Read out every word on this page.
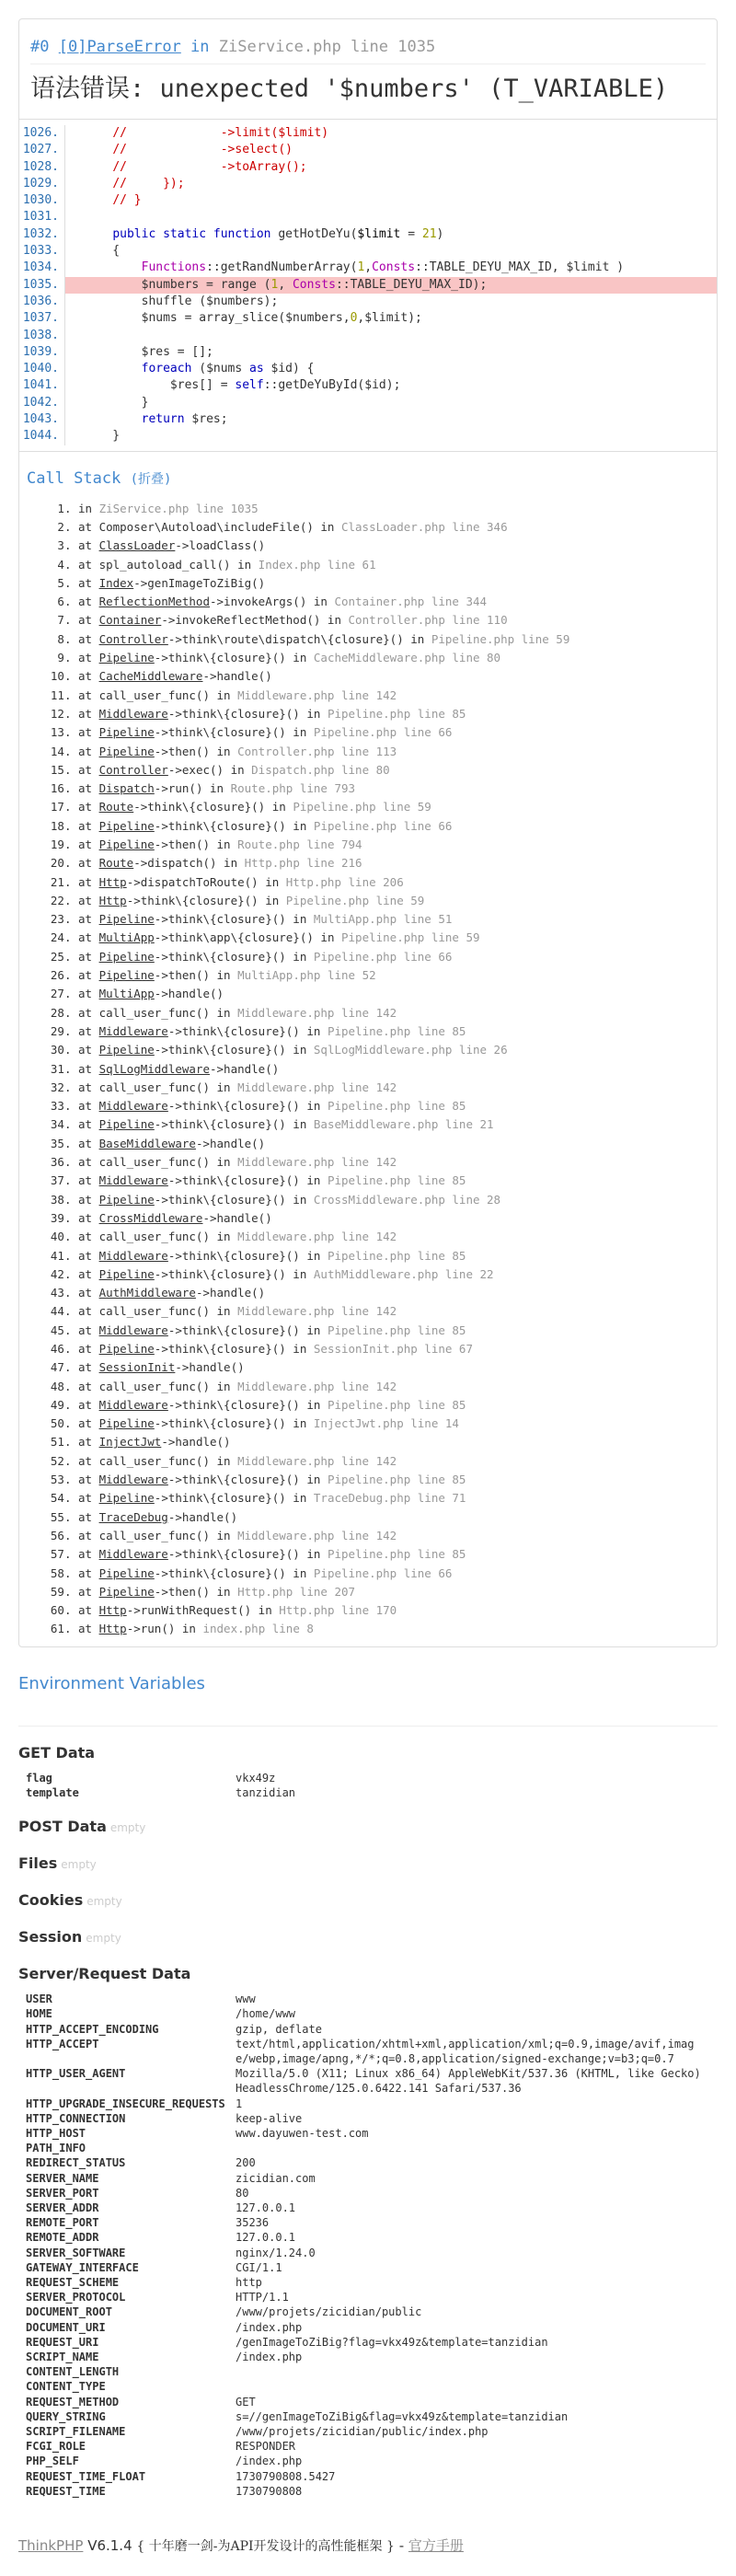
#0 [0]ParseError in ZiService.php line 1035
语法错误: unexpected '$numbers' (T_VARIABLE)
1026.	//             ->limit($limit)
1027.	//             ->select()
1028.	//             ->toArray();
1029.	//     });
1030.	// }
1031.

1032.	public static function getHotDeYu($limit = 21)
1033.	{
1034.	Functions::getRandNumberArray(1,Consts::TABLE_DEYU_MAX_ID, $limit )
1035.	$numbers = range (1, Consts::TABLE_DEYU_MAX_ID);
1036.	shuffle ($numbers);
1037.	$nums = array_slice($numbers,0,$limit);
1038.

1039.	$res = [];
1040.	foreach ($nums as $id) {
1041.	$res[] = self::getDeYuById($id);
1042.	}
1043.	return $res;
1044.	}
Call Stack (折叠)
1. in ZiService.php line 1035
2. at Composer\Autoload\includeFile() in ClassLoader.php line 346
3. at ClassLoader->loadClass()
4. at spl_autoload_call() in Index.php line 61
5. at Index->genImageToZiBig()
6. at ReflectionMethod->invokeArgs() in Container.php line 344
7. at Container->invokeReflectMethod() in Controller.php line 110
8. at Controller->think\route\dispatch\{closure}() in Pipeline.php line 59
9. at Pipeline->think\{closure}() in CacheMiddleware.php line 80
10. at CacheMiddleware->handle()
11. at call_user_func() in Middleware.php line 142
12. at Middleware->think\{closure}() in Pipeline.php line 85
13. at Pipeline->think\{closure}() in Pipeline.php line 66
14. at Pipeline->then() in Controller.php line 113
15. at Controller->exec() in Dispatch.php line 80
16. at Dispatch->run() in Route.php line 793
17. at Route->think\{closure}() in Pipeline.php line 59
18. at Pipeline->think\{closure}() in Pipeline.php line 66
19. at Pipeline->then() in Route.php line 794
20. at Route->dispatch() in Http.php line 216
21. at Http->dispatchToRoute() in Http.php line 206
22. at Http->think\{closure}() in Pipeline.php line 59
23. at Pipeline->think\{closure}() in MultiApp.php line 51
24. at MultiApp->think\app\{closure}() in Pipeline.php line 59
25. at Pipeline->think\{closure}() in Pipeline.php line 66
26. at Pipeline->then() in MultiApp.php line 52
27. at MultiApp->handle()
28. at call_user_func() in Middleware.php line 142
29. at Middleware->think\{closure}() in Pipeline.php line 85
30. at Pipeline->think\{closure}() in SqlLogMiddleware.php line 26
31. at SqlLogMiddleware->handle()
32. at call_user_func() in Middleware.php line 142
33. at Middleware->think\{closure}() in Pipeline.php line 85
34. at Pipeline->think\{closure}() in BaseMiddleware.php line 21
35. at BaseMiddleware->handle()
36. at call_user_func() in Middleware.php line 142
37. at Middleware->think\{closure}() in Pipeline.php line 85
38. at Pipeline->think\{closure}() in CrossMiddleware.php line 28
39. at CrossMiddleware->handle()
40. at call_user_func() in Middleware.php line 142
41. at Middleware->think\{closure}() in Pipeline.php line 85
42. at Pipeline->think\{closure}() in AuthMiddleware.php line 22
43. at AuthMiddleware->handle()
44. at call_user_func() in Middleware.php line 142
45. at Middleware->think\{closure}() in Pipeline.php line 85
46. at Pipeline->think\{closure}() in SessionInit.php line 67
47. at SessionInit->handle()
48. at call_user_func() in Middleware.php line 142
49. at Middleware->think\{closure}() in Pipeline.php line 85
50. at Pipeline->think\{closure}() in InjectJwt.php line 14
51. at InjectJwt->handle()
52. at call_user_func() in Middleware.php line 142
53. at Middleware->think\{closure}() in Pipeline.php line 85
54. at Pipeline->think\{closure}() in TraceDebug.php line 71
55. at TraceDebug->handle()
56. at call_user_func() in Middleware.php line 142
57. at Middleware->think\{closure}() in Pipeline.php line 85
58. at Pipeline->think\{closure}() in Pipeline.php line 66
59. at Pipeline->then() in Http.php line 207
60. at Http->runWithRequest() in Http.php line 170
61. at Http->run() in index.php line 8
Environment Variables
GET Data
flag	vkx49z
template	tanzidian
POST Data empty
Files empty
Cookies empty
Session empty
Server/Request Data
USER	www
HOME	/home/www
HTTP_ACCEPT_ENCODING	gzip, deflate
HTTP_ACCEPT	text/html,application/xhtml+xml,application/xml;q=0.9,image/avif,image/webp,image/apng,*/*;q=0.8,application/signed-exchange;v=b3;q=0.7
HTTP_USER_AGENT	Mozilla/5.0 (X11; Linux x86_64) AppleWebKit/537.36 (KHTML, like Gecko) HeadlessChrome/125.0.6422.141 Safari/537.36
HTTP_UPGRADE_INSECURE_REQUESTS	1
HTTP_CONNECTION	keep-alive
HTTP_HOST	www.dayuwen-test.com
PATH_INFO	
REDIRECT_STATUS	200
SERVER_NAME	zicidian.com
SERVER_PORT	80
SERVER_ADDR	127.0.0.1
REMOTE_PORT	35236
REMOTE_ADDR	127.0.0.1
SERVER_SOFTWARE	nginx/1.24.0
GATEWAY_INTERFACE	CGI/1.1
REQUEST_SCHEME	http
SERVER_PROTOCOL	HTTP/1.1
DOCUMENT_ROOT	/www/projets/zicidian/public
DOCUMENT_URI	/index.php
REQUEST_URI	/genImageToZiBig?flag=vkx49z&template=tanzidian
SCRIPT_NAME	/index.php
CONTENT_LENGTH	
CONTENT_TYPE	
REQUEST_METHOD	GET
QUERY_STRING	s=//genImageToZiBig&flag=vkx49z&template=tanzidian
SCRIPT_FILENAME	/www/projets/zicidian/public/index.php
FCGI_ROLE	RESPONDER
PHP_SELF	/index.php
REQUEST_TIME_FLOAT	1730790808.5427
REQUEST_TIME	1730790808
ThinkPHP V6.1.4 { 十年磨一剑-为API开发设计的高性能框架 } - 官方手册
